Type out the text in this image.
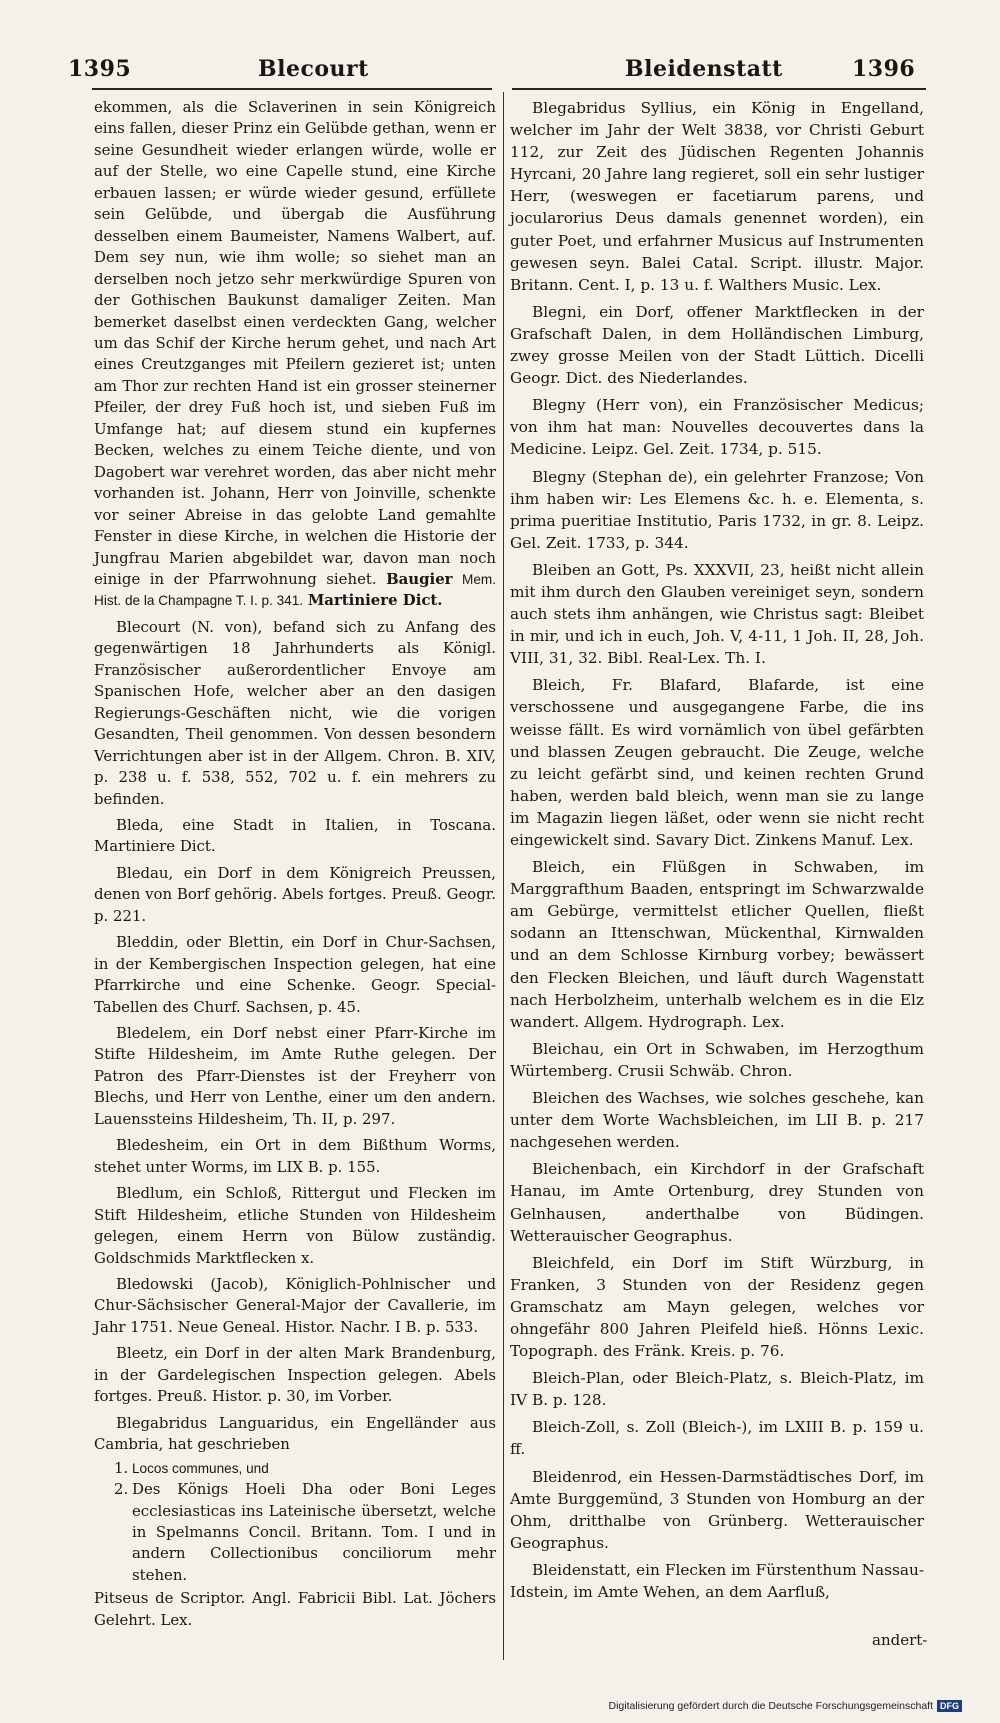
1395	Blecourt	Bleidenstatt	1396

ekommen, als die Sclaverinen in sein Königreich eins fallen, dieser Prinz ein Gelübde gethan, wenn er seine Gesundheit wieder erlangen würde, wolle er auf der Stelle, wo eine Capelle stund, eine Kirche erbauen lassen; er würde wieder gesund, erfüllete sein Gelübde, und übergab die Ausführung desselben einem Baumeister, Namens Walbert, auf. Dem sey nun, wie ihm wolle; so siehet man an derselben noch jetzo sehr merkwürdige Spuren von der Gothischen Baukunst damaliger Zeiten. Man bemerket daselbst einen verdeckten Gang, welcher um das Schif der Kirche herum gehet, und nach Art eines Creutzganges mit Pfeilern gezieret ist; unten am Thor zur rechten Hand ist ein grosser steinerner Pfeiler, der drey Fuß hoch ist, und sieben Fuß im Umfange hat; auf diesem stund ein kupfernes Becken, welches zu einem Teiche diente, und von Dagobert war verehret worden, das aber nicht mehr vorhanden ist. Johann, Herr von Joinville, schenkte vor seiner Abreise in das gelobte Land gemahlte Fenster in diese Kirche, in welchen die Historie der Jungfrau Marien abgebildet war, davon man noch einige in der Pfarrwohnung siehet. Baugier Mem. Hist. de la Champagne T. I. p. 341. Martiniere Dict.

Blecourt (N. von), befand sich zu Anfang des gegenwärtigen 18 Jahrhunderts als Königl. Französischer außerordentlicher Envoye am Spanischen Hofe, welcher aber an den dasigen Regierungs-Geschäften nicht, wie die vorigen Gesandten, Theil genommen. Von dessen besondern Verrichtungen aber ist in der Allgem. Chron. B. XIV, p. 238 u. f. 538, 552, 702 u. f. ein mehrers zu befinden.

Bleda, eine Stadt in Italien, in Toscana. Martiniere Dict.

Bledau, ein Dorf in dem Königreich Preussen, denen von Borf gehörig. Abels fortges. Preuß. Geogr. p. 221.

Bleddin, oder Blettin, ein Dorf in Chur-Sachsen, in der Kembergischen Inspection gelegen, hat eine Pfarrkirche und eine Schenke. Geogr. Special-Tabellen des Churf. Sachsen, p. 45.

Bledelem, ein Dorf nebst einer Pfarr-Kirche im Stifte Hildesheim, im Amte Ruthe gelegen. Der Patron des Pfarr-Dienstes ist der Freyherr von Blechs, und Herr von Lenthe, einer um den andern. Lauenssteins Hildesheim, Th. II, p. 297.

Bledesheim, ein Ort in dem Bißthum Worms, stehet unter Worms, im LIX B. p. 155.

Bledlum, ein Schloß, Rittergut und Flecken im Stift Hildesheim, etliche Stunden von Hildesheim gelegen, einem Herrn von Bülow zuständig. Goldschmids Marktflecken x.

Bledowski (Jacob), Königlich-Pohlnischer und Chur-Sächsischer General-Major der Cavallerie, im Jahr 1751. Neue Geneal. Histor. Nachr. I B. p. 533.

Bleetz, ein Dorf in der alten Mark Brandenburg, in der Gardelegischen Inspection gelegen. Abels fortges. Preuß. Histor. p. 30, im Vorber.

Blegabridus Languaridus, ein Engelländer aus Cambria, hat geschrieben

1. Locos communes, und

2. Des Königs Hoeli Dha oder Boni Leges ecclesiasticas ins Lateinische übersetzt, welche in Spelmanns Concil. Britann. Tom. I und in andern Collectionibus conciliorum mehr stehen.

Pitseus de Scriptor. Angl. Fabricii Bibl. Lat. Jöchers Gelehrt. Lex.

Blegabridus Syllius, ein König in Engelland, welcher im Jahr der Welt 3838, vor Christi Geburt 112, zur Zeit des Jüdischen Regenten Johannis Hyrcani, 20 Jahre lang regieret, soll ein sehr lustiger Herr, (weswegen er facetiarum parens, und jocularorius Deus damals genennet worden), ein guter Poet, und erfahrner Musicus auf Instrumenten gewesen seyn. Balei Catal. Script. illustr. Major. Britann. Cent. I, p. 13 u. f. Walthers Music. Lex.

Blegni, ein Dorf, offener Marktflecken in der Grafschaft Dalen, in dem Holländischen Limburg, zwey grosse Meilen von der Stadt Lüttich. Dicelli Geogr. Dict. des Niederlandes.

Blegny (Herr von), ein Französischer Medicus; von ihm hat man: Nouvelles decouvertes dans la Medicine. Leipz. Gel. Zeit. 1734, p. 515.

Blegny (Stephan de), ein gelehrter Franzose; Von ihm haben wir: Les Elemens &c. h. e. Elementa, s. prima pueritiae Institutio, Paris 1732, in gr. 8. Leipz. Gel. Zeit. 1733, p. 344.

Bleiben an Gott, Ps. XXXVII, 23, heißt nicht allein mit ihm durch den Glauben vereiniget seyn, sondern auch stets ihm anhängen, wie Christus sagt: Bleibet in mir, und ich in euch, Joh. V, 4-11, 1 Joh. II, 28, Joh. VIII, 31, 32. Bibl. Real-Lex. Th. I.

Bleich, Fr. Blafard, Blafarde, ist eine verschossene und ausgegangene Farbe, die ins weisse fällt. Es wird vornämlich von übel gefärbten und blassen Zeugen gebraucht. Die Zeuge, welche zu leicht gefärbt sind, und keinen rechten Grund haben, werden bald bleich, wenn man sie zu lange im Magazin liegen läßet, oder wenn sie nicht recht eingewickelt sind. Savary Dict. Zinkens Manuf. Lex.

Bleich, ein Flüßgen in Schwaben, im Marggrafthum Baaden, entspringt im Schwarzwalde am Gebürge, vermittelst etlicher Quellen, fließt sodann an Ittenschwan, Mückenthal, Kirnwalden und an dem Schlosse Kirnburg vorbey; bewässert den Flecken Bleichen, und läuft durch Wagenstatt nach Herbolzheim, unterhalb welchem es in die Elz wandert. Allgem. Hydrograph. Lex.

Bleichau, ein Ort in Schwaben, im Herzogthum Würtemberg. Crusii Schwäb. Chron.

Bleichen des Wachses, wie solches geschehe, kan unter dem Worte Wachsbleichen, im LII B. p. 217 nachgesehen werden.

Bleichenbach, ein Kirchdorf in der Grafschaft Hanau, im Amte Ortenburg, drey Stunden von Gelnhausen, anderthalbe von Büdingen. Wetterauischer Geographus.

Bleichfeld, ein Dorf im Stift Würzburg, in Franken, 3 Stunden von der Residenz gegen Gramschatz am Mayn gelegen, welches vor ohngefähr 800 Jahren Pleifeld hieß. Hönns Lexic. Topograph. des Fränk. Kreis. p. 76.

Bleich-Plan, oder Bleich-Platz, s. Bleich-Platz, im IV B. p. 128.

Bleich-Zoll, s. Zoll (Bleich-), im LXIII B. p. 159 u. ff.

Bleidenrod, ein Hessen-Darmstädtisches Dorf, im Amte Burggemünd, 3 Stunden von Homburg an der Ohm, dritthalbe von Grünberg. Wetterauischer Geographus.

Bleidenstatt, ein Flecken im Fürstenthum Nassau-Idstein, im Amte Wehen, an dem Aarfluß,

andert-
Digitalisierung gefördert durch die Deutsche Forschungsgemeinschaft DFG
